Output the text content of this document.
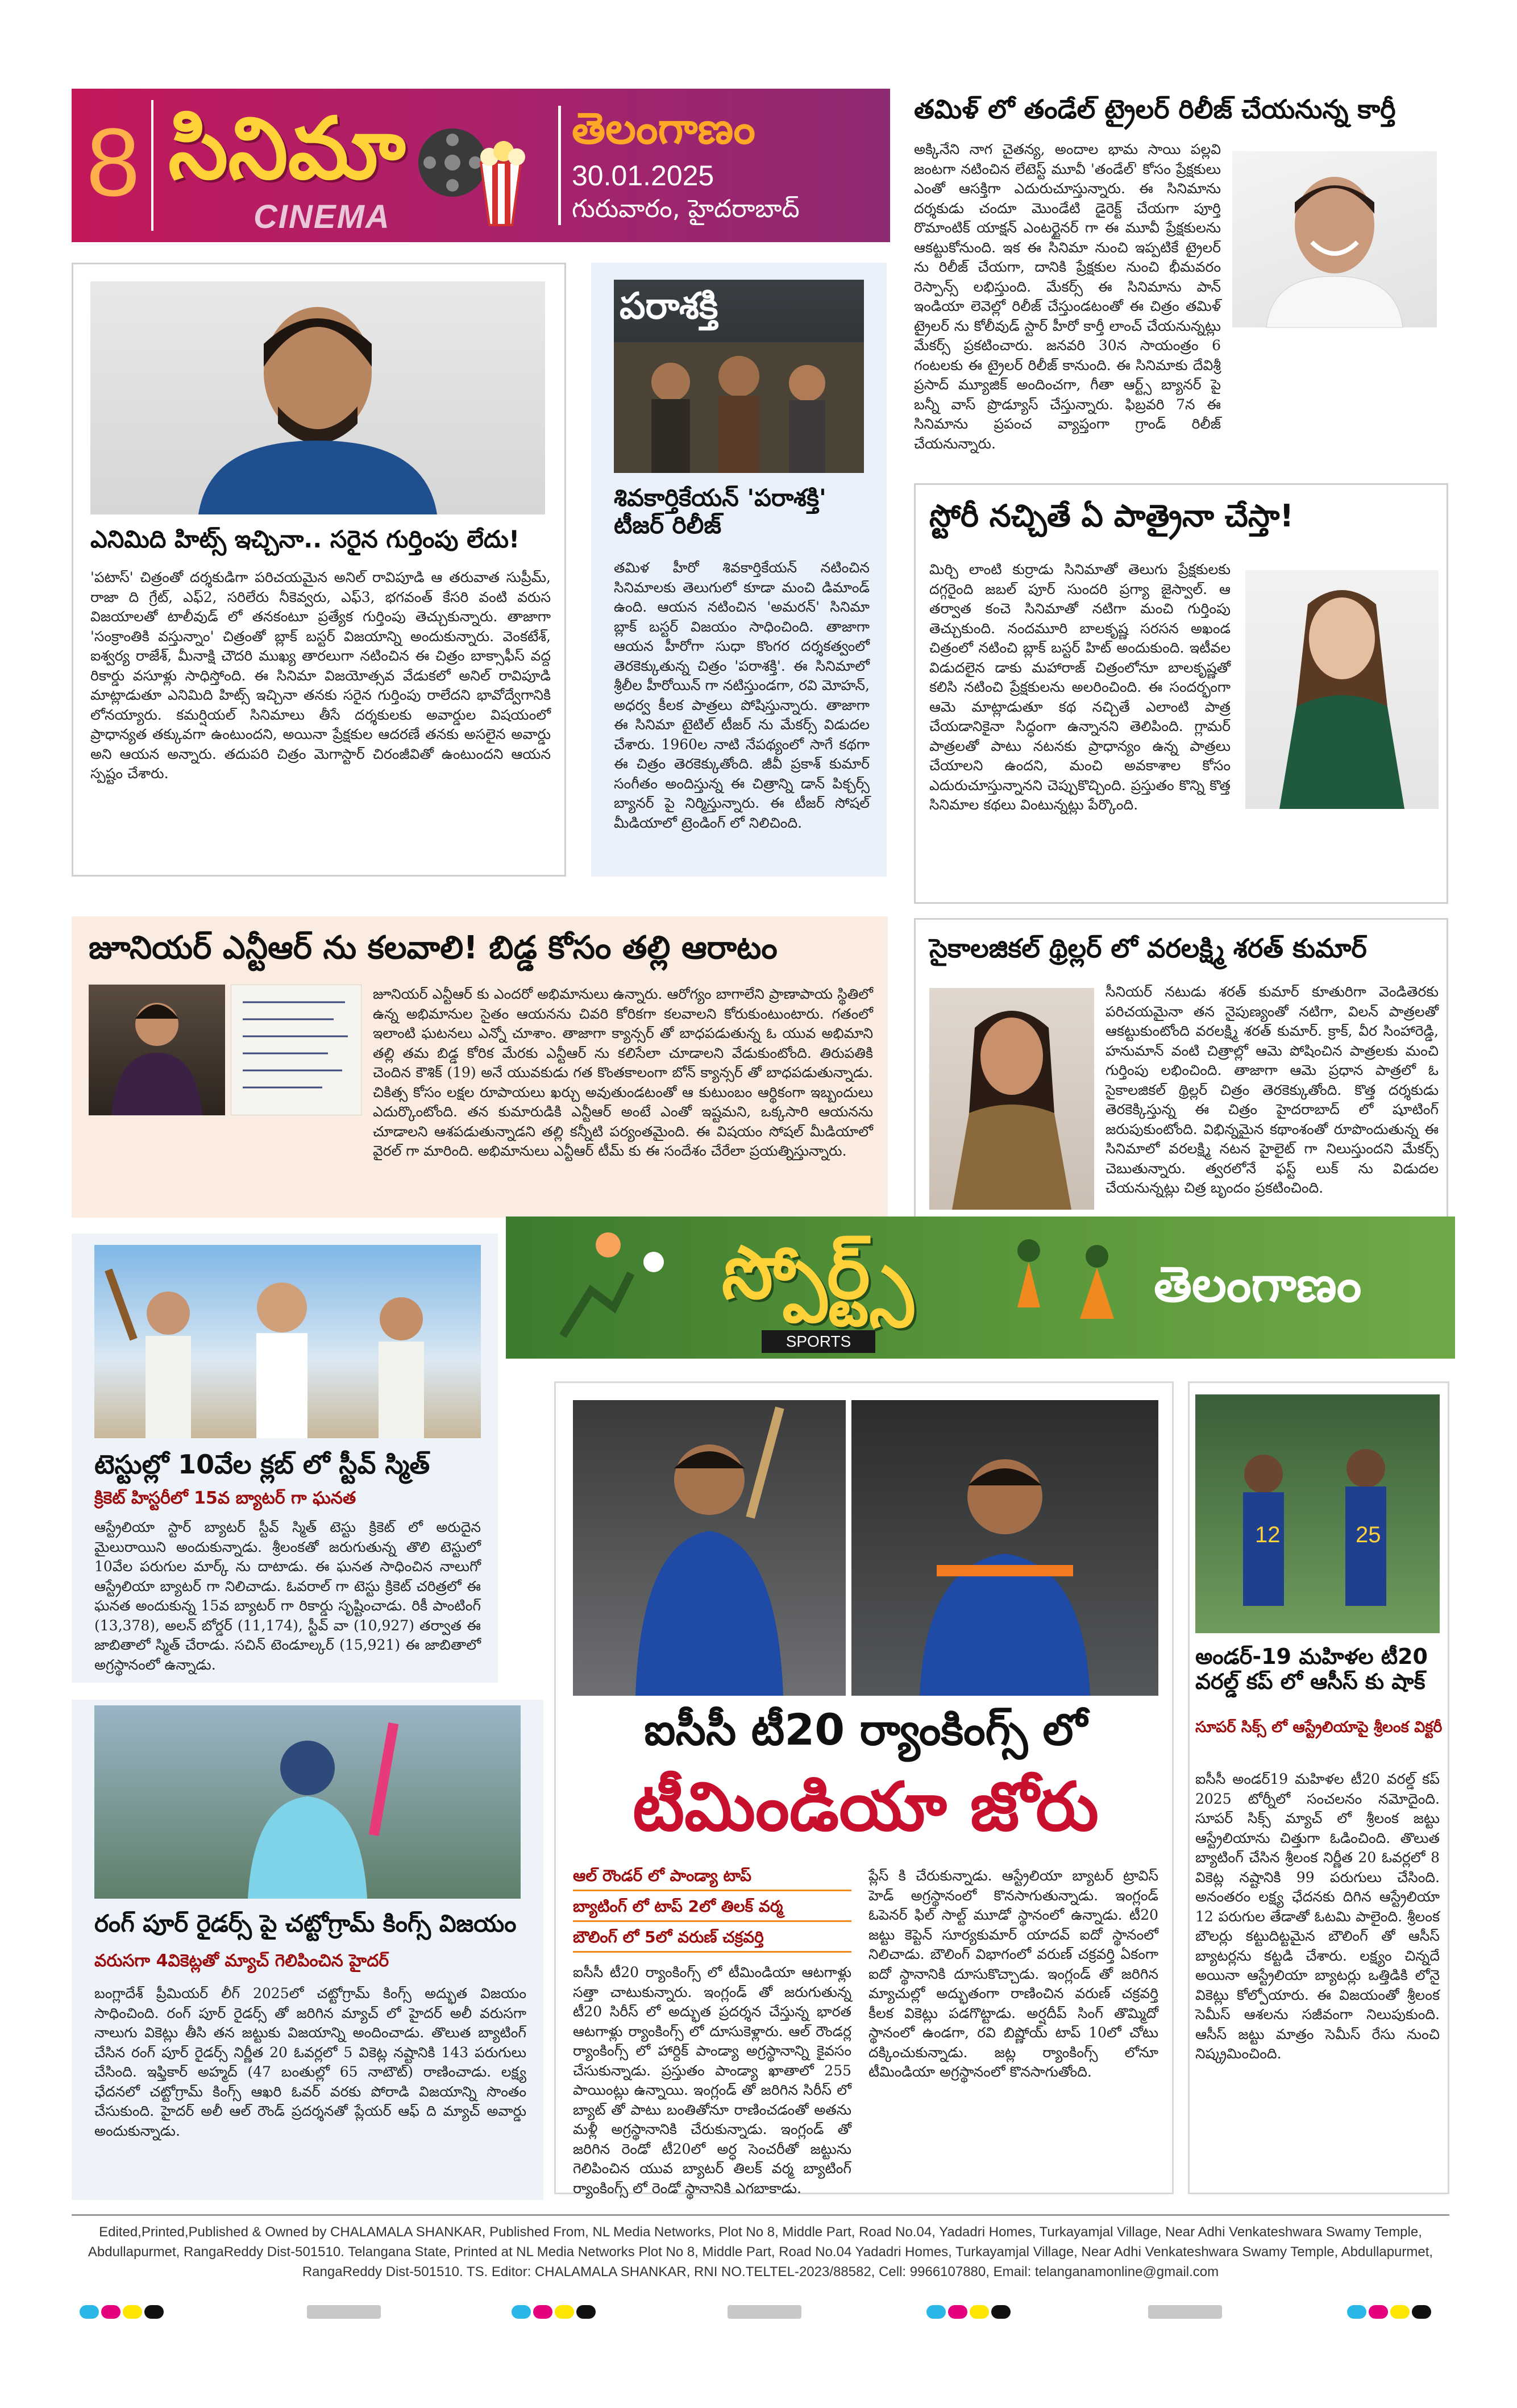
8 సినిమా
CINEMA
తెలంగాణం
30.01.2025
గురువారం, హైదరాబాద్
తమిళ్ లో తండేల్ ట్రైలర్ రిలీజ్ చేయనున్న కార్తీ
అక్కినేని నాగ చైతన్య, అందాల భామ సాయి పల్లవి జంటగా నటించిన లేటెస్ట్ మూవీ 'తండేల్' కోసం ప్రేక్షకులు ఎంతో ఆసక్తిగా ఎదురుచూస్తున్నారు. ఈ సినిమాను దర్శకుడు చందూ మొండేటి డైరెక్ట్ చేయగా పూర్తి రొమాంటిక్ యాక్షన్ ఎంటర్టైనర్ గా ఈ మూవీ ప్రేక్షకులను ఆకట్టుకోనుంది. ఇక ఈ సినిమా నుంచి ఇప్పటికే ట్రైలర్ ను రిలీజ్ చేయగా, దానికి ప్రేక్షకుల నుంచి భీమవరం రెస్పాన్స్ లభిస్తుంది. మేకర్స్ ఈ సినిమాను పాన్ ఇండియా లెవెల్లో రిలీజ్ చేస్తుండటంతో ఈ చిత్రం తమిళ్ ట్రైలర్ ను కోలీవుడ్ స్టార్ హీరో కార్తీ లాంచ్ చేయనున్నట్లు మేకర్స్ ప్రకటించారు. జనవరి 30న సాయంత్రం 6 గంటలకు ఈ ట్రైలర్ రిలీజ్ కానుంది. ఈ సినిమాకు దేవిశ్రీ ప్రసాద్ మ్యూజిక్ అందించగా, గీతా ఆర్ట్స్ బ్యానర్ పై బన్నీ వాస్ ప్రొడ్యూస్ చేస్తున్నారు. ఫిబ్రవరి 7న ఈ సినిమాను ప్రపంచ వ్యాప్తంగా గ్రాండ్ రిలీజ్ చేయనున్నారు.
ఎనిమిది హిట్స్ ఇచ్చినా.. సరైన గుర్తింపు లేదు!
'పటాస్' చిత్రంతో దర్శకుడిగా పరిచయమైన అనిల్ రావిపూడి ఆ తరువాత సుప్రీమ్, రాజా ది గ్రేట్, ఎఫ్2, సరిలేరు నీకెవ్వరు, ఎఫ్3, భగవంత్ కేసరి వంటి వరుస విజయాలతో టాలీవుడ్ లో తనకంటూ ప్రత్యేక గుర్తింపు తెచ్చుకున్నారు. తాజాగా 'సంక్రాంతికి వస్తున్నాం' చిత్రంతో బ్లాక్ బస్టర్ విజయాన్ని అందుకున్నారు. వెంకటేశ్, ఐశ్వర్య రాజేశ్, మీనాక్షి చౌదరి ముఖ్య తారలుగా నటించిన ఈ చిత్రం బాక్సాఫీస్ వద్ద రికార్డు వసూళ్లు సాధిస్తోంది. ఈ సినిమా విజయోత్సవ వేడుకలో అనిల్ రావిపూడి మాట్లాడుతూ ఎనిమిది హిట్స్ ఇచ్చినా తనకు సరైన గుర్తింపు రాలేదని భావోద్వేగానికి లోనయ్యారు. కమర్షియల్ సినిమాలు తీసే దర్శకులకు అవార్డుల విషయంలో ప్రాధాన్యత తక్కువగా ఉంటుందని, అయినా ప్రేక్షకుల ఆదరణే తనకు అసలైన అవార్డు అని ఆయన అన్నారు. తదుపరి చిత్రం మెగాస్టార్ చిరంజీవితో ఉంటుందని ఆయన స్పష్టం చేశారు.
పరాశక్తి
శివకార్తికేయన్ 'పరాశక్తి' టీజర్ రిలీజ్
తమిళ హీరో శివకార్తికేయన్ నటించిన సినిమాలకు తెలుగులో కూడా మంచి డిమాండ్ ఉంది. ఆయన నటించిన 'అమరన్' సినిమా బ్లాక్ బస్టర్ విజయం సాధించింది. తాజాగా ఆయన హీరోగా సుధా కొంగర దర్శకత్వంలో తెరకెక్కుతున్న చిత్రం 'పరాశక్తి'. ఈ సినిమాలో శ్రీలీల హీరోయిన్ గా నటిస్తుండగా, రవి మోహన్, అధర్వ కీలక పాత్రలు పోషిస్తున్నారు. తాజాగా ఈ సినిమా టైటిల్ టీజర్ ను మేకర్స్ విడుదల చేశారు. 1960ల నాటి నేపథ్యంలో సాగే కథగా ఈ చిత్రం తెరకెక్కుతోంది. జీవీ ప్రకాశ్ కుమార్ సంగీతం అందిస్తున్న ఈ చిత్రాన్ని డాన్ పిక్చర్స్ బ్యానర్ పై నిర్మిస్తున్నారు. ఈ టీజర్ సోషల్ మీడియాలో ట్రెండింగ్ లో నిలిచింది.
స్టోరీ నచ్చితే ఏ పాత్రైనా చేస్తా!
మిర్చి లాంటి కుర్రాడు సినిమాతో తెలుగు ప్రేక్షకులకు దగ్గరైంది జబల్ పూర్ సుందరి ప్రగ్యా జైస్వాల్. ఆ తర్వాత కంచె సినిమాతో నటిగా మంచి గుర్తింపు తెచ్చుకుంది. నందమూరి బాలకృష్ణ సరసన అఖండ చిత్రంలో నటించి బ్లాక్ బస్టర్ హిట్ అందుకుంది. ఇటీవల విడుదలైన డాకు మహారాజ్ చిత్రంలోనూ బాలకృష్ణతో కలిసి నటించి ప్రేక్షకులను అలరించింది. ఈ సందర్భంగా ఆమె మాట్లాడుతూ కథ నచ్చితే ఎలాంటి పాత్ర చేయడానికైనా సిద్ధంగా ఉన్నానని తెలిపింది. గ్లామర్ పాత్రలతో పాటు నటనకు ప్రాధాన్యం ఉన్న పాత్రలు చేయాలని ఉందని, మంచి అవకాశాల కోసం ఎదురుచూస్తున్నానని చెప్పుకొచ్చింది. ప్రస్తుతం కొన్ని కొత్త సినిమాల కథలు వింటున్నట్లు పేర్కొంది.
జూనియర్ ఎన్టీఆర్ ను కలవాలి! బిడ్డ కోసం తల్లి ఆరాటం
జూనియర్ ఎన్టీఆర్ కు ఎందరో అభిమానులు ఉన్నారు. ఆరోగ్యం బాగాలేని ప్రాణాపాయ స్థితిలో ఉన్న అభిమానుల సైతం ఆయనను చివరి కోరికగా కలవాలని కోరుకుంటుంటారు. గతంలో ఇలాంటి ఘటనలు ఎన్నో చూశాం. తాజాగా క్యాన్సర్ తో బాధపడుతున్న ఓ యువ అభిమాని తల్లి తమ బిడ్డ కోరిక మేరకు ఎన్టీఆర్ ను కలిసేలా చూడాలని వేడుకుంటోంది. తిరుపతికి చెందిన కౌశిక్ (19) అనే యువకుడు గత కొంతకాలంగా బోన్ క్యాన్సర్ తో బాధపడుతున్నాడు. చికిత్స కోసం లక్షల రూపాయలు ఖర్చు అవుతుండటంతో ఆ కుటుంబం ఆర్థికంగా ఇబ్బందులు ఎదుర్కొంటోంది. తన కుమారుడికి ఎన్టీఆర్ అంటే ఎంతో ఇష్టమని, ఒక్కసారి ఆయనను చూడాలని ఆశపడుతున్నాడని తల్లి కన్నీటి పర్యంతమైంది. ఈ విషయం సోషల్ మీడియాలో వైరల్ గా మారింది. అభిమానులు ఎన్టీఆర్ టీమ్ కు ఈ సందేశం చేరేలా ప్రయత్నిస్తున్నారు.
సైకాలజికల్ థ్రిల్లర్ లో వరలక్ష్మి శరత్ కుమార్
సీనియర్ నటుడు శరత్ కుమార్ కూతురిగా వెండితెరకు పరిచయమైనా తన నైపుణ్యంతో నటిగా, విలన్ పాత్రలతో ఆకట్టుకుంటోంది వరలక్ష్మి శరత్ కుమార్. క్రాక్, వీర సింహారెడ్డి, హనుమాన్ వంటి చిత్రాల్లో ఆమె పోషించిన పాత్రలకు మంచి గుర్తింపు లభించింది. తాజాగా ఆమె ప్రధాన పాత్రలో ఓ సైకాలజికల్ థ్రిల్లర్ చిత్రం తెరకెక్కుతోంది. కొత్త దర్శకుడు తెరకెక్కిస్తున్న ఈ చిత్రం హైదరాబాద్ లో షూటింగ్ జరుపుకుంటోంది. విభిన్నమైన కథాంశంతో రూపొందుతున్న ఈ సినిమాలో వరలక్ష్మి నటన హైలైట్ గా నిలుస్తుందని మేకర్స్ చెబుతున్నారు. త్వరలోనే ఫస్ట్ లుక్ ను విడుదల చేయనున్నట్లు చిత్ర బృందం ప్రకటించింది.
స్పోర్ట్స్
SPORTS
తెలంగాణం
టెస్టుల్లో 10వేల క్లబ్ లో స్టీవ్ స్మిత్
క్రికెట్ హిస్టరీలో 15వ బ్యాటర్ గా ఘనత
ఆస్ట్రేలియా స్టార్ బ్యాటర్ స్టీవ్ స్మిత్ టెస్టు క్రికెట్ లో అరుదైన మైలురాయిని అందుకున్నాడు. శ్రీలంకతో జరుగుతున్న తొలి టెస్టులో 10వేల పరుగుల మార్క్ ను దాటాడు. ఈ ఘనత సాధించిన నాలుగో ఆస్ట్రేలియా బ్యాటర్ గా నిలిచాడు. ఓవరాల్ గా టెస్టు క్రికెట్ చరిత్రలో ఈ ఘనత అందుకున్న 15వ బ్యాటర్ గా రికార్డు సృష్టించాడు. రికీ పాంటింగ్ (13,378), అలన్ బోర్డర్ (11,174), స్టీవ్ వా (10,927) తర్వాత ఈ జాబితాలో స్మిత్ చేరాడు. సచిన్ టెండూల్కర్ (15,921) ఈ జాబితాలో అగ్రస్థానంలో ఉన్నాడు.
ఐసీసీ టీ20 ర్యాంకింగ్స్ లో
టీమిండియా జోరు
ఆల్ రౌండర్ లో పాండ్యా టాప్
బ్యాటింగ్ లో టాప్ 2లో తిలక్ వర్మ
బౌలింగ్ లో 5లో వరుణ్ చక్రవర్తి
ఐసీసీ టీ20 ర్యాంకింగ్స్ లో టీమిండియా ఆటగాళ్లు సత్తా చాటుకున్నారు. ఇంగ్లండ్ తో జరుగుతున్న టీ20 సిరీస్ లో అద్భుత ప్రదర్శన చేస్తున్న భారత ఆటగాళ్లు ర్యాంకింగ్స్ లో దూసుకెళ్లారు. ఆల్ రౌండర్ల ర్యాంకింగ్స్ లో హార్దిక్ పాండ్యా అగ్రస్థానాన్ని కైవసం చేసుకున్నాడు. ప్రస్తుతం పాండ్యా ఖాతాలో 255 పాయింట్లు ఉన్నాయి. ఇంగ్లండ్ తో జరిగిన సిరీస్ లో బ్యాట్ తో పాటు బంతితోనూ రాణించడంతో అతను మళ్లీ అగ్రస్థానానికి చేరుకున్నాడు. ఇంగ్లండ్ తో జరిగిన రెండో టీ20లో అర్ధ సెంచరీతో జట్టును గెలిపించిన యువ బ్యాటర్ తిలక్ వర్మ బ్యాటింగ్ ర్యాంకింగ్స్ లో రెండో స్థానానికి ఎగబాకాడు.
ప్లేస్ కి చేరుకున్నాడు. ఆస్ట్రేలియా బ్యాటర్ ట్రావిస్ హెడ్ అగ్రస్థానంలో కొనసాగుతున్నాడు. ఇంగ్లండ్ ఓపెనర్ ఫిల్ సాల్ట్ మూడో స్థానంలో ఉన్నాడు. టీ20 జట్టు కెప్టెన్ సూర్యకుమార్ యాదవ్ ఐదో స్థానంలో నిలిచాడు. బౌలింగ్ విభాగంలో వరుణ్ చక్రవర్తి ఏకంగా ఐదో స్థానానికి దూసుకొచ్చాడు. ఇంగ్లండ్ తో జరిగిన మ్యాచుల్లో అద్భుతంగా రాణించిన వరుణ్ చక్రవర్తి కీలక వికెట్లు పడగొట్టాడు. అర్షదీప్ సింగ్ తొమ్మిదో స్థానంలో ఉండగా, రవి బిష్ణోయ్ టాప్ 10లో చోటు దక్కించుకున్నాడు. జట్ల ర్యాంకింగ్స్ లోనూ టీమిండియా అగ్రస్థానంలో కొనసాగుతోంది.
12	25
అండర్-19 మహిళల టీ20 వరల్డ్ కప్ లో ఆసీస్ కు షాక్
సూపర్ సిక్స్ లో ఆస్ట్రేలియాపై శ్రీలంక విక్టరీ
ఐసీసీ అండర్19 మహిళల టీ20 వరల్డ్ కప్ 2025 టోర్నీలో సంచలనం నమోదైంది. సూపర్ సిక్స్ మ్యాచ్ లో శ్రీలంక జట్టు ఆస్ట్రేలియాను చిత్తుగా ఓడించింది. తొలుత బ్యాటింగ్ చేసిన శ్రీలంక నిర్ణీత 20 ఓవర్లలో 8 వికెట్ల నష్టానికి 99 పరుగులు చేసింది. అనంతరం లక్ష్య ఛేదనకు దిగిన ఆస్ట్రేలియా 12 పరుగుల తేడాతో ఓటమి పాలైంది. శ్రీలంక బౌలర్లు కట్టుదిట్టమైన బౌలింగ్ తో ఆసీస్ బ్యాటర్లను కట్టడి చేశారు. లక్ష్యం చిన్నదే అయినా ఆస్ట్రేలియా బ్యాటర్లు ఒత్తిడికి లోనై వికెట్లు కోల్పోయారు. ఈ విజయంతో శ్రీలంక సెమీస్ ఆశలను సజీవంగా నిలుపుకుంది. ఆసీస్ జట్టు మాత్రం సెమీస్ రేసు నుంచి నిష్క్రమించింది.
రంగ్ పూర్ రైడర్స్ పై చట్టోగ్రామ్ కింగ్స్ విజయం
వరుసగా 4వికెట్లతో మ్యాచ్ గెలిపించిన హైదర్
బంగ్లాదేశ్ ప్రీమియర్ లీగ్ 2025లో చట్టోగ్రామ్ కింగ్స్ అద్భుత విజయం సాధించింది. రంగ్ పూర్ రైడర్స్ తో జరిగిన మ్యాచ్ లో హైదర్ అలీ వరుసగా నాలుగు వికెట్లు తీసి తన జట్టుకు విజయాన్ని అందించాడు. తొలుత బ్యాటింగ్ చేసిన రంగ్ పూర్ రైడర్స్ నిర్ణీత 20 ఓవర్లలో 5 వికెట్ల నష్టానికి 143 పరుగులు చేసింది. ఇఫ్తికార్ అహ్మద్ (47 బంతుల్లో 65 నాటౌట్) రాణించాడు. లక్ష్య ఛేదనలో చట్టోగ్రామ్ కింగ్స్ ఆఖరి ఓవర్ వరకు పోరాడి విజయాన్ని సొంతం చేసుకుంది. హైదర్ అలీ ఆల్ రౌండ్ ప్రదర్శనతో ప్లేయర్ ఆఫ్ ది మ్యాచ్ అవార్డు అందుకున్నాడు.
Edited,Printed,Published & Owned by CHALAMALA SHANKAR, Published From, NL Media Networks, Plot No 8, Middle Part, Road No.04, Yadadri Homes, Turkayamjal Village, Near Adhi Venkateshwara Swamy Temple,
Abdullapurmet, RangaReddy Dist-501510. Telangana State, Printed at NL Media Networks Plot No 8, Middle Part, Road No.04 Yadadri Homes, Turkayamjal Village, Near Adhi Venkateshwara Swamy Temple, Abdullapurmet,
RangaReddy Dist-501510. TS. Editor: CHALAMALA SHANKAR, RNI NO.TELTEL-2023/88582, Cell: 9966107880, Email: telanganamonline@gmail.com
